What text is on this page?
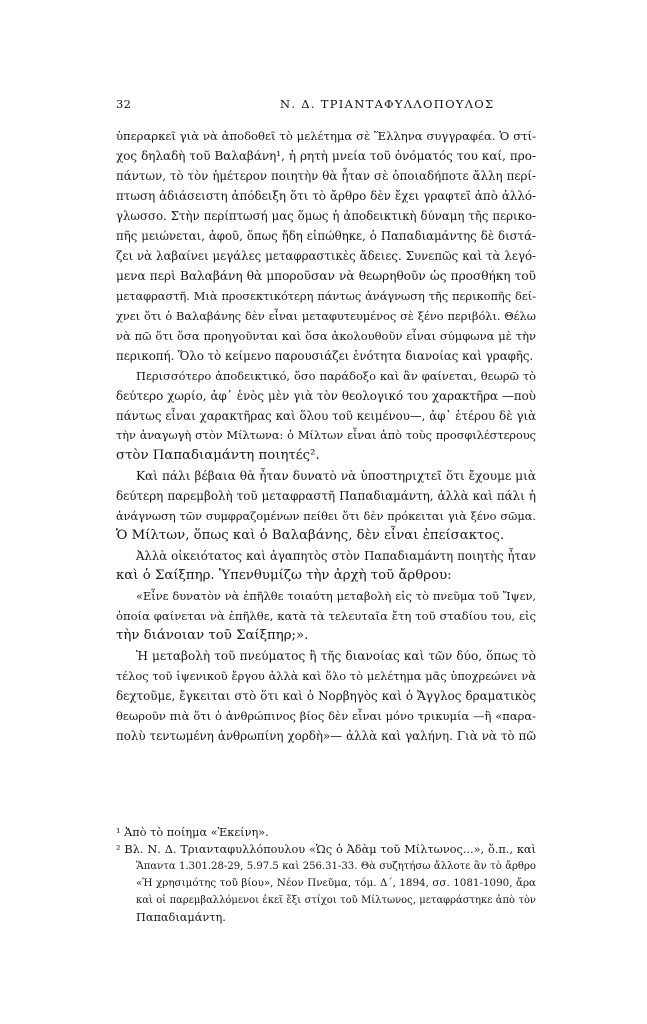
32	Ν. Δ. ΤΡΙΑΝΤΑΦΥΛΛΟΠΟΥΛΟΣ
ὑπεραρκεῖ γιὰ νὰ ἀποδοθεῖ τὸ μελέτημα σὲ Ἕλληνα συγγραφέα. Ὁ στί-
χος δηλαδὴ τοῦ Βαλαβάνη¹, ἡ ρητὴ μνεία τοῦ ὀνόματός του καί, προ-
πάντων, τὸ τὸν ἡμέτερον ποιητὴν θὰ ἦταν σὲ ὁποιαδήποτε ἄλλη περί-
πτωση ἀδιάσειστη ἀπόδειξη ὅτι τὸ ἄρθρο δὲν ἔχει γραφτεῖ ἀπὸ ἀλλό-
γλωσσο. Στὴν περίπτωσή μας ὅμως ἡ ἀποδεικτικὴ δύναμη τῆς περικο-
πῆς μειώνεται, ἀφοῦ, ὅπως ἤδη εἰπώθηκε, ὁ Παπαδιαμάντης δὲ διστά-
ζει νὰ λαβαίνει μεγάλες μεταφραστικὲς ἄδειες. Συνεπῶς καὶ τὰ λεγό-
μενα περὶ Βαλαβάνη θὰ μποροῦσαν νὰ θεωρηθοῦν ὡς προσθήκη τοῦ
μεταφραστῆ. Μιὰ προσεκτικότερη πάντως ἀνάγνωση τῆς περικοπῆς δεί-
χνει ὅτι ὁ Βαλαβάνης δὲν εἶναι μεταφυτευμένος σὲ ξένο περιβόλι. Θέλω
νὰ πῶ ὅτι ὅσα προηγοῦνται καὶ ὅσα ἀκολουθοῦν εἶναι σύμφωνα μὲ τὴν
περικοπή. Ὅλο τὸ κείμενο παρουσιάζει ἑνότητα διανοίας καὶ γραφῆς.
Περισσότερο ἀποδεικτικό, ὅσο παράδοξο καὶ ἂν φαίνεται, θεωρῶ τὸ
δεύτερο χωρίο, ἀφ᾽ ἑνὸς μὲν γιὰ τὸν θεολογικό του χαρακτῆρα —ποὺ
πάντως εἶναι χαρακτῆρας καὶ ὅλου τοῦ κειμένου—, ἀφ᾽ ἑτέρου δὲ γιὰ
τὴν ἀναγωγὴ στὸν Μίλτωνα: ὁ Μίλτων εἶναι ἀπὸ τοὺς προσφιλέστερους
στὸν Παπαδιαμάντη ποιητές².
Καὶ πάλι βέβαια θὰ ἦταν δυνατὸ νὰ ὑποστηριχτεῖ ὅτι ἔχουμε μιὰ
δεύτερη παρεμβολὴ τοῦ μεταφραστῆ Παπαδιαμάντη, ἀλλὰ καὶ πάλι ἡ
ἀνάγνωση τῶν συμφραζομένων πείθει ὅτι δὲν πρόκειται γιὰ ξένο σῶμα.
Ὁ Μίλτων, ὅπως καὶ ὁ Βαλαβάνης, δὲν εἶναι ἐπείσακτος.
Ἀλλὰ οἰκειότατος καὶ ἀγαπητὸς στὸν Παπαδιαμάντη ποιητὴς ἦταν
καὶ ὁ Σαίξπηρ. Ὑπενθυμίζω τὴν ἀρχὴ τοῦ ἄρθρου:
«Εἶνε δυνατὸν νὰ ἐπῆλθε τοιαύτη μεταβολὴ εἰς τὸ πνεῦμα τοῦ Ἴψεν,
ὁποία φαίνεται νὰ ἐπῆλθε, κατὰ τὰ τελευταῖα ἔτη τοῦ σταδίου του, εἰς
τὴν διάνοιαν τοῦ Σαίξπηρ;».
Ἡ μεταβολὴ τοῦ πνεύματος ἢ τῆς διανοίας καὶ τῶν δύο, ὅπως τὸ
τέλος τοῦ ἰψενικοῦ ἔργου ἀλλὰ καὶ ὅλο τὸ μελέτημα μᾶς ὑποχρεώνει νὰ
δεχτοῦμε, ἔγκειται στὸ ὅτι καὶ ὁ Νορβηγὸς καὶ ὁ Ἄγγλος δραματικὸς
θεωροῦν πιὰ ὅτι ὁ ἀνθρώπινος βίος δὲν εἶναι μόνο τρικυμία —ἢ «παρα-
πολὺ τεντωμένη ἀνθρωπίνη χορδὴ»— ἀλλὰ καὶ γαλήνη. Γιὰ νὰ τὸ πῶ
¹ Ἀπὸ τὸ ποίημα «Ἐκείνη».
² Βλ. Ν. Δ. Τριανταφυλλόπουλου «Ὡς ὁ Ἀδὰμ τοῦ Μίλτωνος...», ὅ.π., καὶ
Ἅπαντα 1.301.28-29, 5.97.5 καὶ 256.31-33. Θὰ συζητήσω ἄλλοτε ἂν τὸ ἄρθρο
«Ἡ χρησιμότης τοῦ βίου», Νέον Πνεῦμα, τόμ. Δ΄, 1894, σσ. 1081-1090, ἄρα
καὶ οἱ παρεμβαλλόμενοι ἐκεῖ ἕξι στίχοι τοῦ Μίλτωνος, μεταφράστηκε ἀπὸ τὸν
Παπαδιαμάντη.
